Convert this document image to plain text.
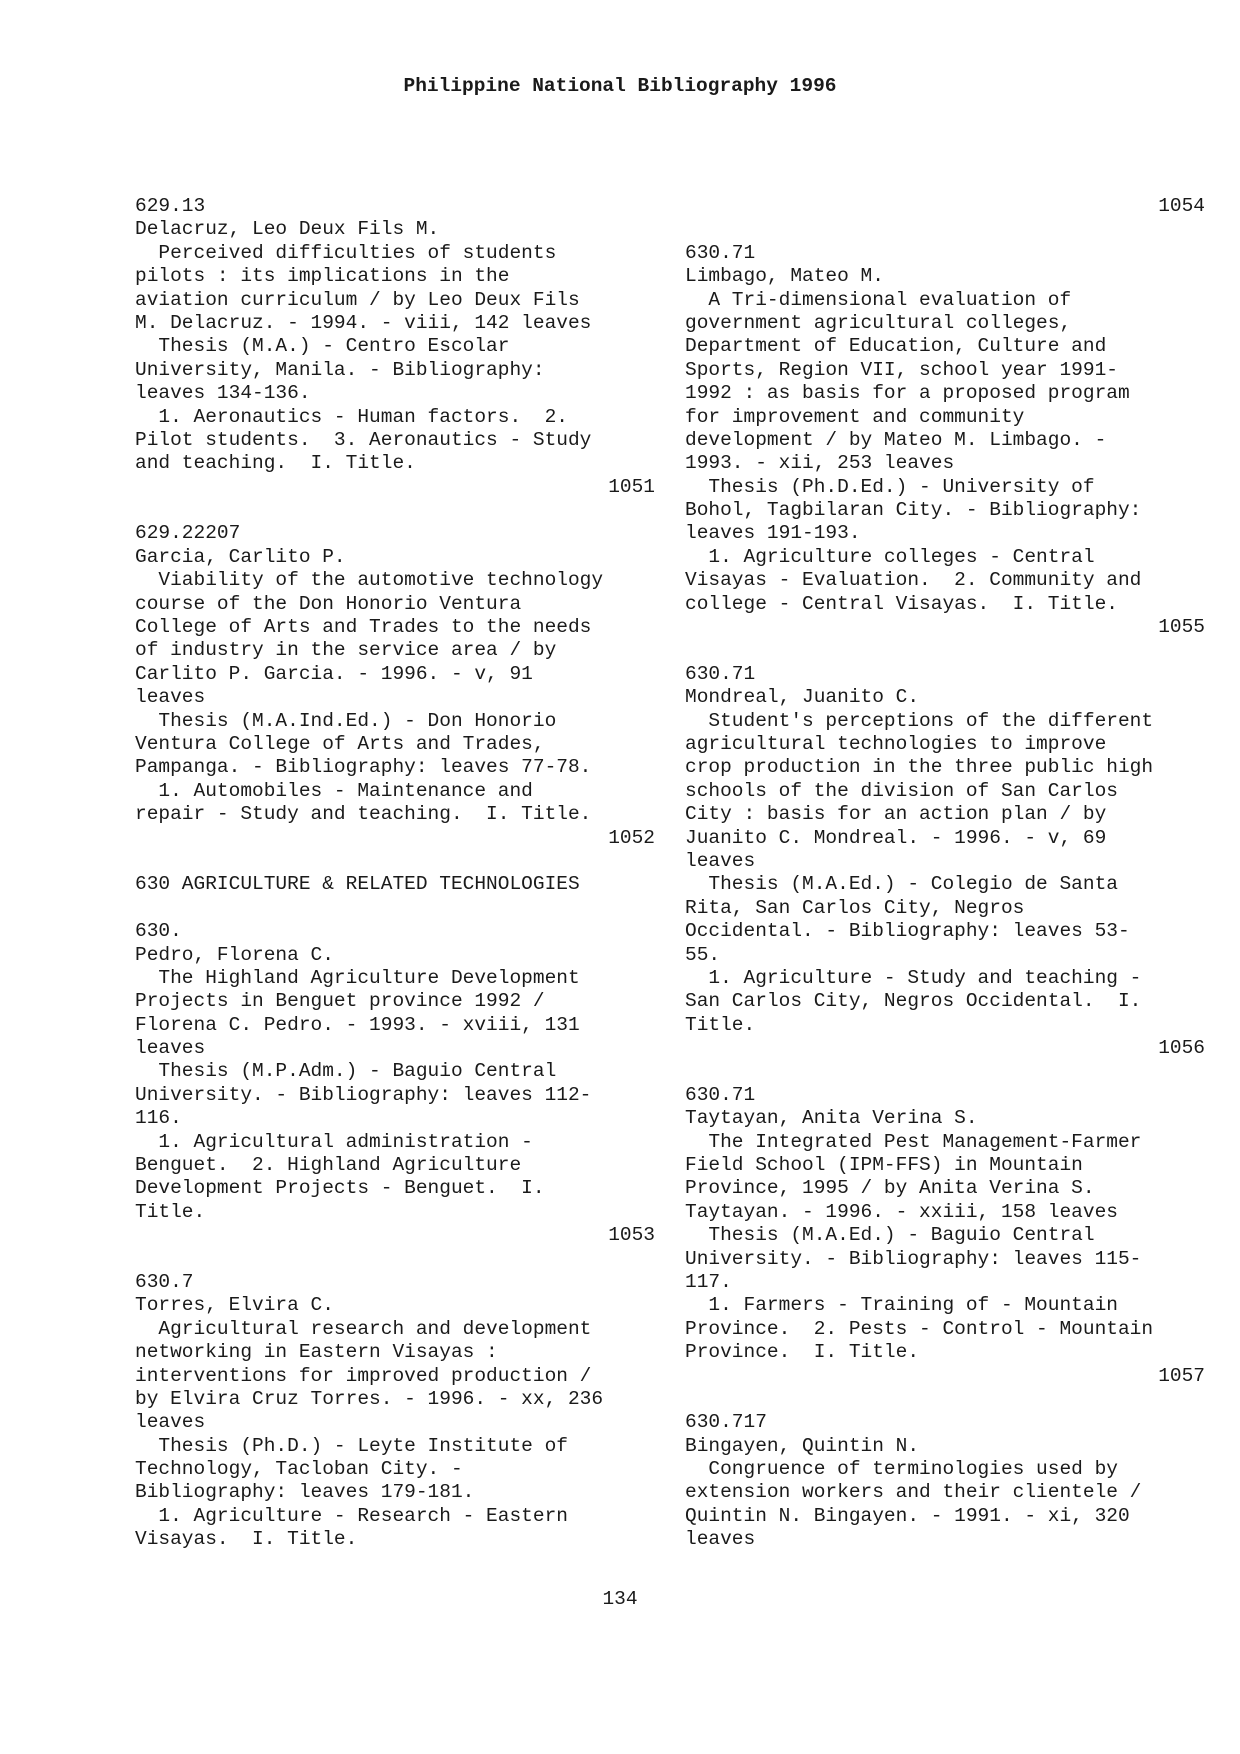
Philippine National Bibliography 1996
629.13
Delacruz, Leo Deux Fils M.
Perceived difficulties of students
pilots : its implications in the
aviation curriculum / by Leo Deux Fils
M. Delacruz. - 1994. - viii, 142 leaves
Thesis (M.A.) - Centro Escolar
University, Manila. - Bibliography:
leaves 134-136.
1. Aeronautics - Human factors.  2.
Pilot students.  3. Aeronautics - Study
and teaching.  I. Title.
1051
629.22207
Garcia, Carlito P.
Viability of the automotive technology
course of the Don Honorio Ventura
College of Arts and Trades to the needs
of industry in the service area / by
Carlito P. Garcia. - 1996. - v, 91
leaves
Thesis (M.A.Ind.Ed.) - Don Honorio
Ventura College of Arts and Trades,
Pampanga. - Bibliography: leaves 77-78.
1. Automobiles - Maintenance and
repair - Study and teaching.  I. Title.
1052
630 AGRICULTURE & RELATED TECHNOLOGIES
630.
Pedro, Florena C.
The Highland Agriculture Development
Projects in Benguet province 1992 /
Florena C. Pedro. - 1993. - xviii, 131
leaves
Thesis (M.P.Adm.) - Baguio Central
University. - Bibliography: leaves 112-
116.
1. Agricultural administration -
Benguet.  2. Highland Agriculture
Development Projects - Benguet.  I.
Title.
1053
630.7
Torres, Elvira C.
Agricultural research and development
networking in Eastern Visayas :
interventions for improved production /
by Elvira Cruz Torres. - 1996. - xx, 236
leaves
Thesis (Ph.D.) - Leyte Institute of
Technology, Tacloban City. -
Bibliography: leaves 179-181.
1. Agriculture - Research - Eastern
Visayas.  I. Title.
1054
630.71
Limbago, Mateo M.
A Tri-dimensional evaluation of
government agricultural colleges,
Department of Education, Culture and
Sports, Region VII, school year 1991-
1992 : as basis for a proposed program
for improvement and community
development / by Mateo M. Limbago. -
1993. - xii, 253 leaves
Thesis (Ph.D.Ed.) - University of
Bohol, Tagbilaran City. - Bibliography:
leaves 191-193.
1. Agriculture colleges - Central
Visayas - Evaluation.  2. Community and
college - Central Visayas.  I. Title.
1055
630.71
Mondreal, Juanito C.
Student's perceptions of the different
agricultural technologies to improve
crop production in the three public high
schools of the division of San Carlos
City : basis for an action plan / by
Juanito C. Mondreal. - 1996. - v, 69
leaves
Thesis (M.A.Ed.) - Colegio de Santa
Rita, San Carlos City, Negros
Occidental. - Bibliography: leaves 53-
55.
1. Agriculture - Study and teaching -
San Carlos City, Negros Occidental.  I.
Title.
1056
630.71
Taytayan, Anita Verina S.
The Integrated Pest Management-Farmer
Field School (IPM-FFS) in Mountain
Province, 1995 / by Anita Verina S.
Taytayan. - 1996. - xxiii, 158 leaves
Thesis (M.A.Ed.) - Baguio Central
University. - Bibliography: leaves 115-
117.
1. Farmers - Training of - Mountain
Province.  2. Pests - Control - Mountain
Province.  I. Title.
1057
630.717
Bingayen, Quintin N.
Congruence of terminologies used by
extension workers and their clientele /
Quintin N. Bingayen. - 1991. - xi, 320
leaves
134
